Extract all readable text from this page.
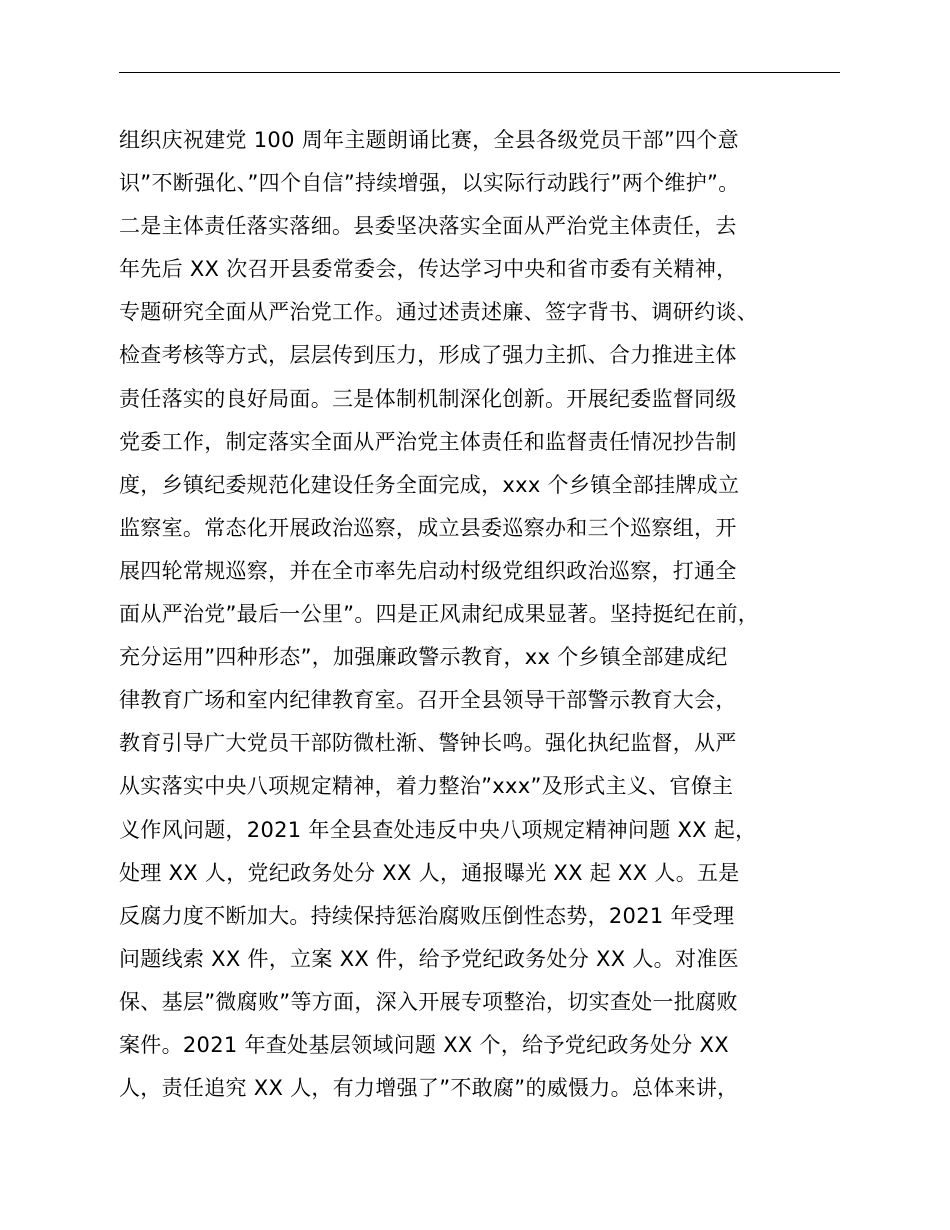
组织庆祝建党 100 周年主题朗诵比赛，全县各级党员干部”四个意
识”不断强化、”四个自信”持续增强，以实际行动践行”两个维护”。
二是主体责任落实落细。县委坚决落实全面从严治党主体责任，去
年先后 XX 次召开县委常委会，传达学习中央和省市委有关精神，
专题研究全面从严治党工作。通过述责述廉、签字背书、调研约谈、
检查考核等方式，层层传到压力，形成了强力主抓、合力推进主体
责任落实的良好局面。三是体制机制深化创新。开展纪委监督同级
党委工作，制定落实全面从严治党主体责任和监督责任情况抄告制
度，乡镇纪委规范化建设任务全面完成，xxx 个乡镇全部挂牌成立
监察室。常态化开展政治巡察，成立县委巡察办和三个巡察组，开
展四轮常规巡察，并在全市率先启动村级党组织政治巡察，打通全
面从严治党”最后一公里”。四是正风肃纪成果显著。坚持挺纪在前，
充分运用”四种形态”，加强廉政警示教育，xx 个乡镇全部建成纪
律教育广场和室内纪律教育室。召开全县领导干部警示教育大会，
教育引导广大党员干部防微杜渐、警钟长鸣。强化执纪监督，从严
从实落实中央八项规定精神，着力整治”xxx”及形式主义、官僚主
义作风问题，2021 年全县查处违反中央八项规定精神问题 XX 起，
处理 XX 人，党纪政务处分 XX 人，通报曝光 XX 起 XX 人。五是
反腐力度不断加大。持续保持惩治腐败压倒性态势，2021 年受理
问题线索 XX 件，立案 XX 件，给予党纪政务处分 XX 人。对准医
保、基层”微腐败”等方面，深入开展专项整治，切实查处一批腐败
案件。2021 年查处基层领域问题 XX 个，给予党纪政务处分 XX
人，责任追究 XX 人，有力增强了”不敢腐”的威慑力。总体来讲，
